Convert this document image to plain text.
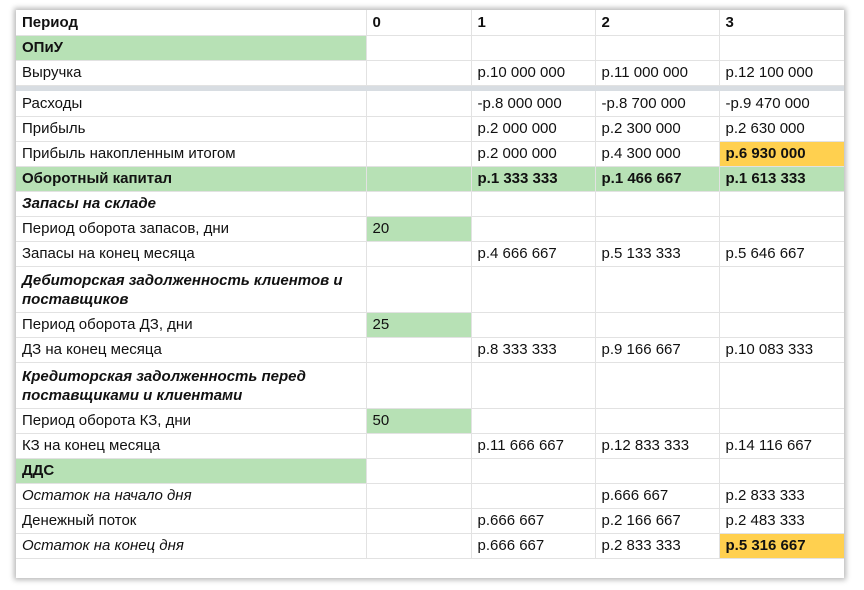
Период	0	1	2	3
ОПиУ				
Выручка		р.10 000 000	р.11 000 000	р.12 100 000

Расходы		-р.8 000 000	-р.8 700 000	-р.9 470 000
Прибыль		р.2 000 000	р.2 300 000	р.2 630 000
Прибыль накопленным итогом		р.2 000 000	р.4 300 000	р.6 930 000
Оборотный капитал		р.1 333 333	р.1 466 667	р.1 613 333
Запасы на складе				
Период оборота запасов, дни	20			
Запасы на конец месяца		р.4 666 667	р.5 133 333	р.5 646 667
Дебиторская задолженность клиентов и поставщиков				
Период оборота ДЗ, дни	25			
ДЗ на конец месяца		р.8 333 333	р.9 166 667	р.10 083 333
Кредиторская задолженность перед поставщиками и клиентами				
Период оборота КЗ, дни	50			
КЗ на конец месяца		р.11 666 667	р.12 833 333	р.14 116 667
ДДС				
Остаток на начало дня			р.666 667	р.2 833 333
Денежный поток		р.666 667	р.2 166 667	р.2 483 333
Остаток на конец дня		р.666 667	р.2 833 333	р.5 316 667
